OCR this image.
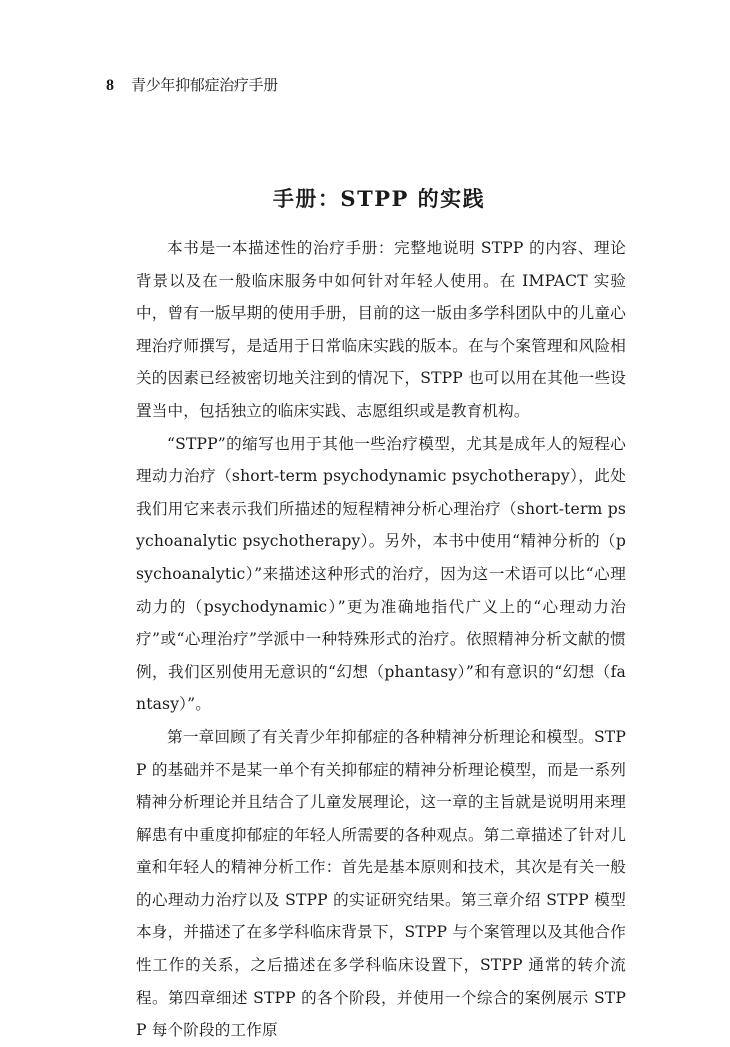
8 青少年抑郁症治疗手册
手册：STPP 的实践

本书是一本描述性的治疗手册：完整地说明 STPP 的内容、理论背景以及在一般临床服务中如何针对年轻人使用。在 IMPACT 实验中，曾有一版早期的使用手册，目前的这一版由多学科团队中的儿童心理治疗师撰写，是适用于日常临床实践的版本。在与个案管理和风险相关的因素已经被密切地关注到的情况下，STPP 也可以用在其他一些设置当中，包括独立的临床实践、志愿组织或是教育机构。

“STPP”的缩写也用于其他一些治疗模型，尤其是成年人的短程心理动力治疗（short-term psychodynamic psychotherapy），此处我们用它来表示我们所描述的短程精神分析心理治疗（short-term psychoanalytic psychotherapy）。另外，本书中使用“精神分析的（psychoanalytic）”来描述这种形式的治疗，因为这一术语可以比“心理动力的（psychodynamic）”更为准确地指代广义上的“心理动力治疗”或“心理治疗”学派中一种特殊形式的治疗。依照精神分析文献的惯例，我们区别使用无意识的“幻想（phantasy）”和有意识的“幻想（fantasy）”。

第一章回顾了有关青少年抑郁症的各种精神分析理论和模型。STPP 的基础并不是某一单个有关抑郁症的精神分析理论模型，而是一系列精神分析理论并且结合了儿童发展理论，这一章的主旨就是说明用来理解患有中重度抑郁症的年轻人所需要的各种观点。第二章描述了针对儿童和年轻人的精神分析工作：首先是基本原则和技术，其次是有关一般的心理动力治疗以及 STPP 的实证研究结果。第三章介绍 STPP 模型本身，并描述了在多学科临床背景下，STPP 与个案管理以及其他合作性工作的关系，之后描述在多学科临床设置下，STPP 通常的转介流程。第四章细述 STPP 的各个阶段，并使用一个综合的案例展示 STPP 每个阶段的工作原
